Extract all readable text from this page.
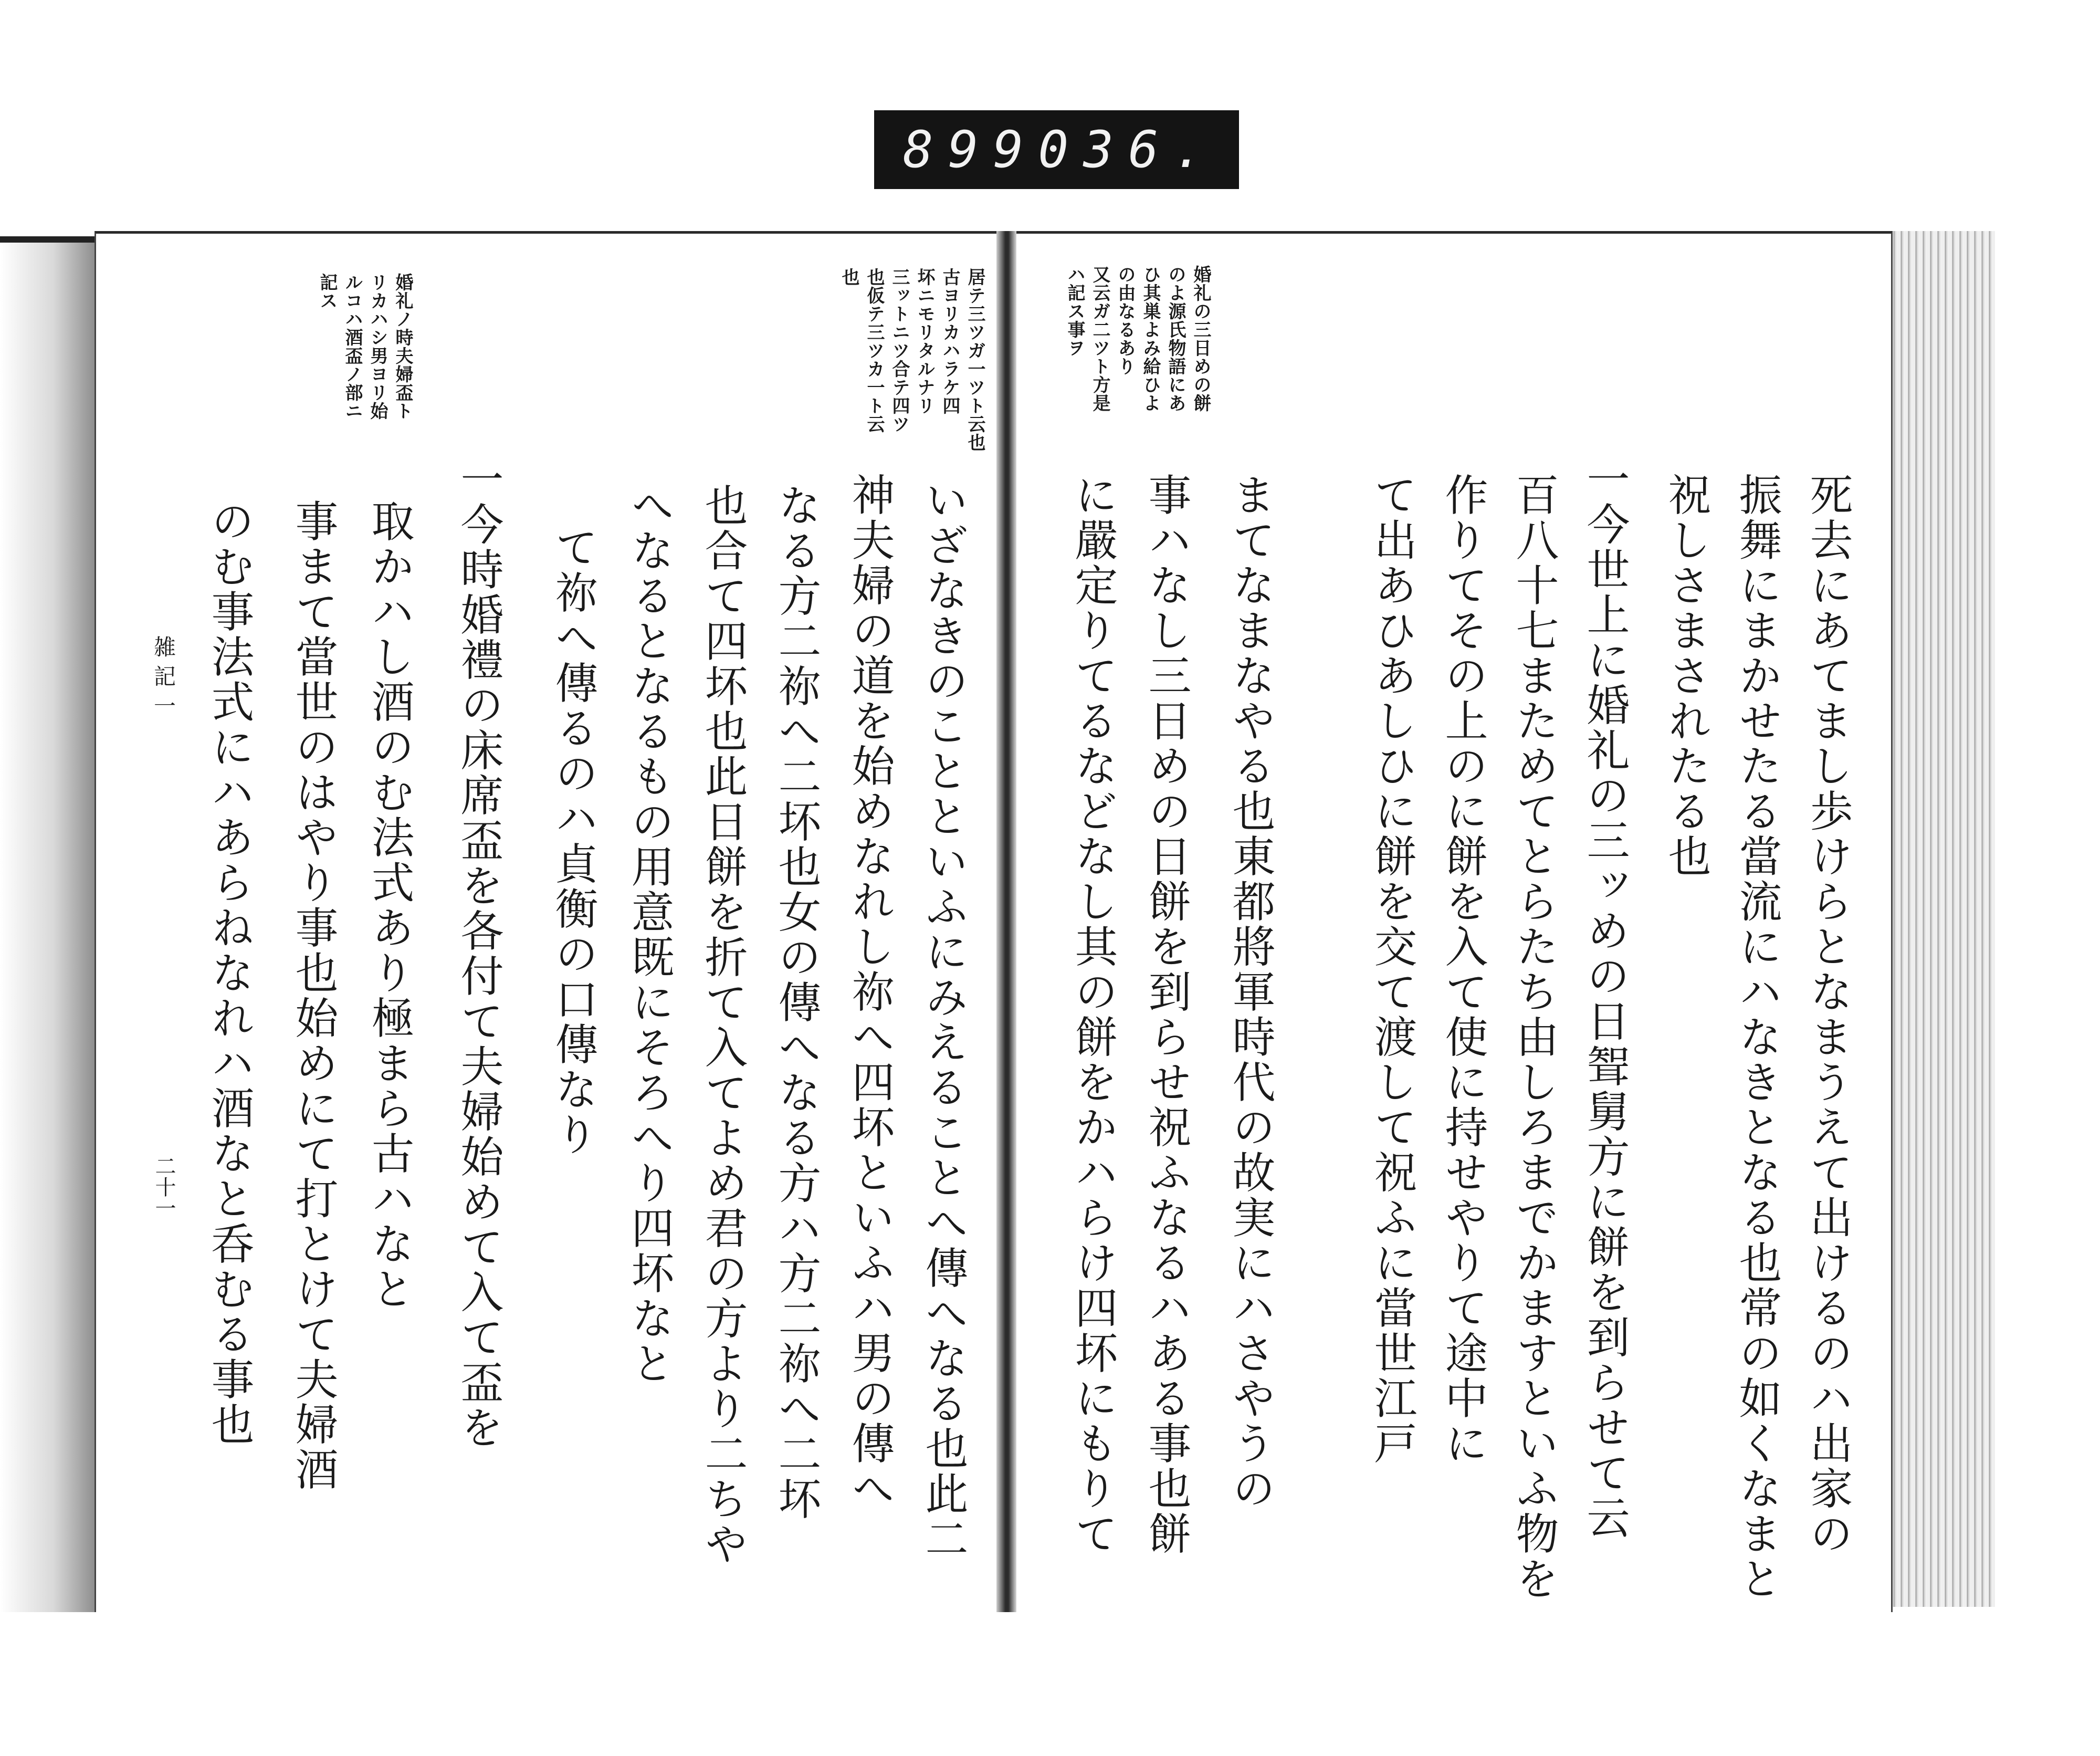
899 036.
婚礼の三日めの餅
のよ源氏物語にあ
ひ其巣よみ給ひよ
の由なるあり
又云ガ二ツト方是
ハ記ス事ヲ
死去にあてまし歩けらとなまうえて出けるのハ出家の
振舞にまかせたる當流にハなきとなる也常の如くなまと
祝しさまされたる也
一今世上に婚礼の三ッめの日聟舅方に餅を到らせて云
百八十七まためてとらたち由しろまでかますといふ物を
作りてその上のに餅を入て使に持せやりて途中に
て出あひあしひに餅を交て渡して祝ふに當世江戸
まてなまなやる也東都將軍時代の故実にハさやうの
事ハなし三日めの日餅を到らせ祝ふなるハある事也餅
に嚴定りてるなどなし其の餅をかハらけ四坏にもりて
居テ三ツガ一ツト云也
古ヨリカハラケ四
坏ニモリタルナリ
三ットニツ合テ四ツ
也仮テ三ツカ一ト云
也
婚礼ノ時夫婦盃ト
リカハシ男ヨリ始
ルコハ酒盃ノ部ニ
記ス
いざなきのことといふにみえることへ傳へなる也此二
神夫婦の道を始めなれし祢へ四坏といふハ男の傳へ
なる方二祢へ二坏也女の傳へなる方ハ方二祢へ二坏
也合て四坏也此日餅を折て入てよめ君の方より二ちや
へなるとなるもの用意既にそろへり四坏なと
て祢へ傳るのハ貞衡の口傳なり
一今時婚禮の床席盃を各付て夫婦始めて入て盃を
取かハし酒のむ法式あり極まら古ハなと
事まて當世のはやり事也始めにて打とけて夫婦酒
のむ事法式にハあらねなれハ酒なと呑むる事也
雑記一
二十一
